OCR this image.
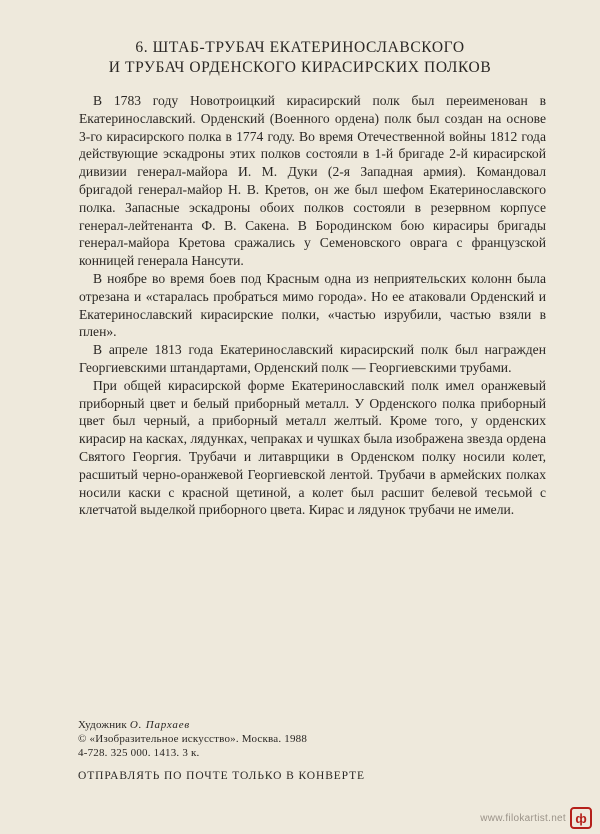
6. ШТАБ-ТРУБАЧ ЕКАТЕРИНОСЛАВСКОГО
И ТРУБАЧ ОРДЕНСКОГО КИРАСИРСКИХ ПОЛКОВ

В 1783 году Новотроицкий кирасирский полк был переименован в Екатеринославский. Орденский (Военного ордена) полк был создан на основе 3-го кирасирского полка в 1774 году. Во время Отечественной войны 1812 года действующие эскадроны этих полков состояли в 1-й бригаде 2-й кирасирской дивизии генерал-майора И. М. Дуки (2-я Западная армия). Командовал бригадой генерал-майор Н. В. Кретов, он же был шефом Екатеринославского полка. Запасные эскадроны обоих полков состояли в резервном корпусе генерал-лейтенанта Ф. В. Сакена. В Бородинском бою кирасиры бригады генерал-майора Кретова сражались у Семеновского оврага с французской конницей генерала Нансути.

В ноябре во время боев под Красным одна из неприятельских колонн была отрезана и «старалась пробраться мимо города». Но ее атаковали Орденский и Екатеринославский кирасирские полки, «частью изрубили, частью взяли в плен».

В апреле 1813 года Екатеринославский кирасирский полк был награжден Георгиевскими штандартами, Орденский полк — Георгиевскими трубами.

При общей кирасирской форме Екатеринославский полк имел оранжевый приборный цвет и белый приборный металл. У Орденского полка приборный цвет был черный, а приборный металл желтый. Кроме того, у орденских кирасир на касках, лядунках, чепраках и чушках была изображена звезда ордена Святого Георгия. Трубачи и литаврщики в Орденском полку носили колет, расшитый черно-оранжевой Георгиевской лентой. Трубачи в армейских полках носили каски с красной щетиной, а колет был расшит белевой тесьмой с клетчатой выделкой приборного цвета. Кирас и лядунок трубачи не имели.

Художник О. Пархаев
© «Изобразительное искусство». Москва. 1988
4-728. 325 000. 1413. 3 к.
ОТПРАВЛЯТЬ ПО ПОЧТЕ ТОЛЬКО В КОНВЕРТЕ
www.filokartist.net ф
